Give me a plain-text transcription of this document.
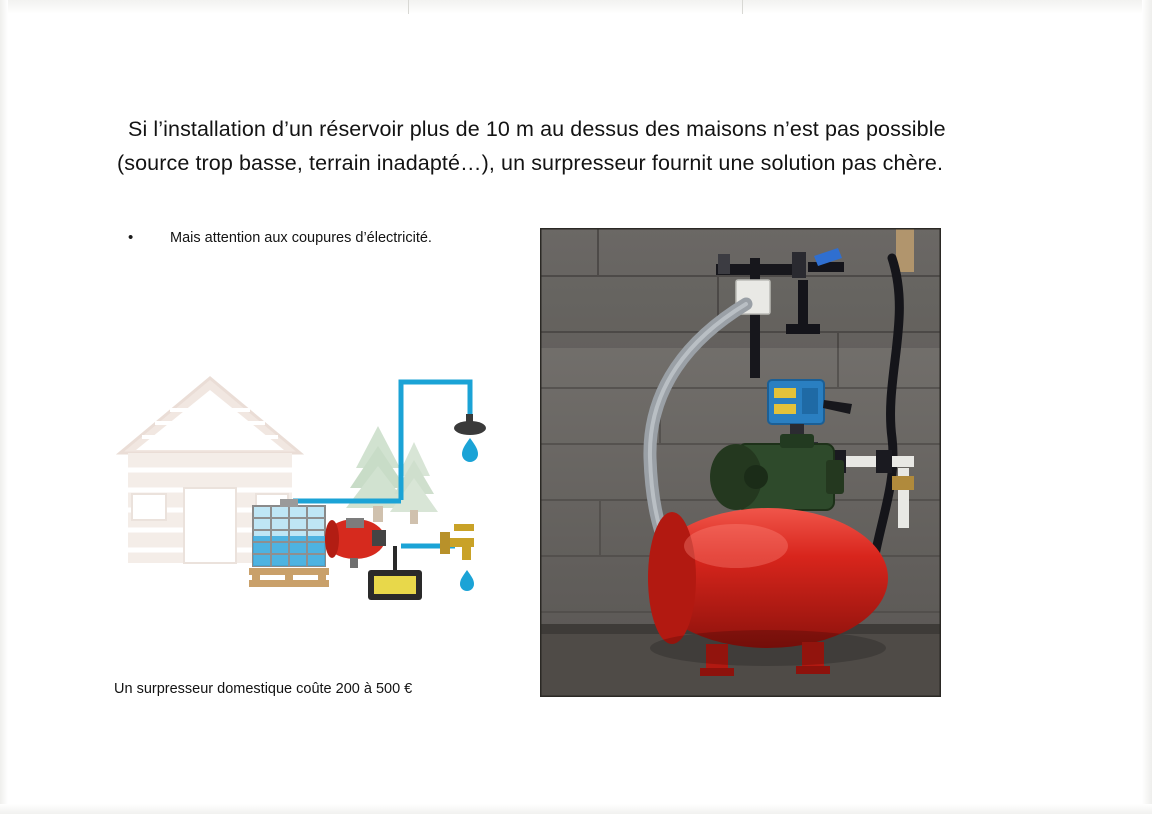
Si l’installation d’un réservoir plus de 10 m au dessus des maisons n’est pas possible
(source trop basse, terrain inadapté…), un surpresseur fournit une solution pas chère.
•	Mais attention aux coupures d’électricité.
Un surpresseur domestique coûte 200 à 500 €
